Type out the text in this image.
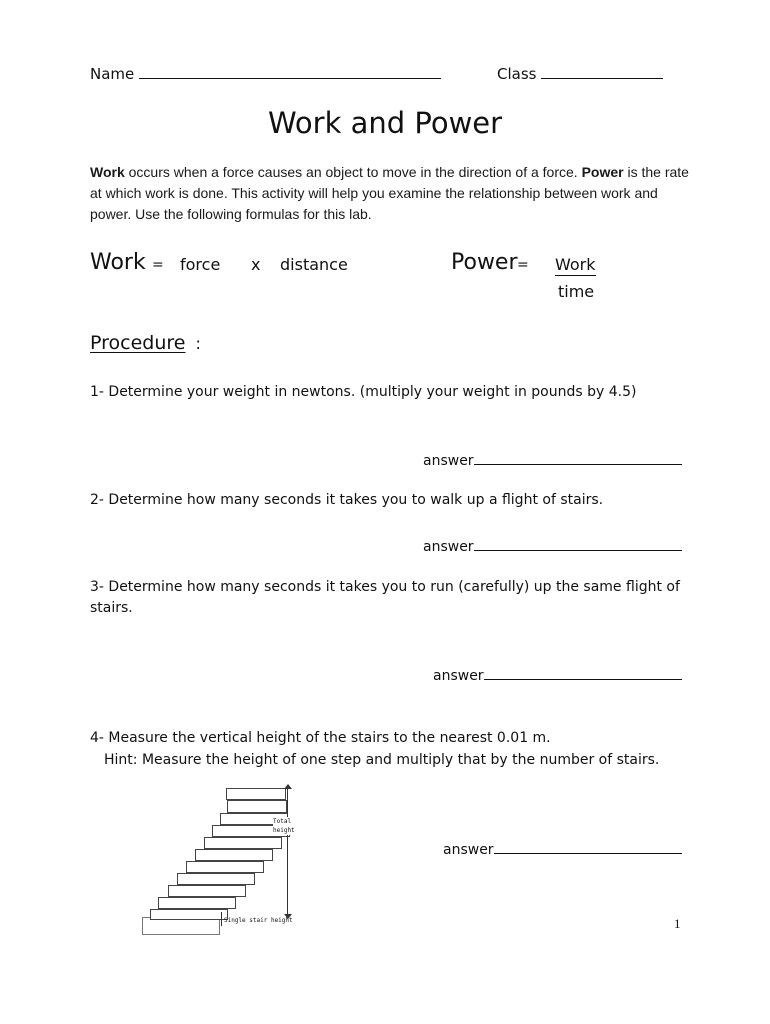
Name	Class
Work and Power
Work occurs when a force causes an object to move in the direction of a force. Power is the rate at which work is done. This activity will help you examine the relationship between work and power. Use the following formulas for this lab.
Work = force x distance	Power = Work
time
Procedure :
1- Determine your weight in newtons. (multiply your weight in pounds by 4.5)
answer
2- Determine how many seconds it takes you to walk up a flight of stairs.
answer
3- Determine how many seconds it takes you to run (carefully) up the same flight of
stairs.
answer
4- Measure the vertical height of the stairs to the nearest 0.01 m.
Hint: Measure the height of one step and multiply that by the number of stairs.
answer
Total
height
Single stair height	1
